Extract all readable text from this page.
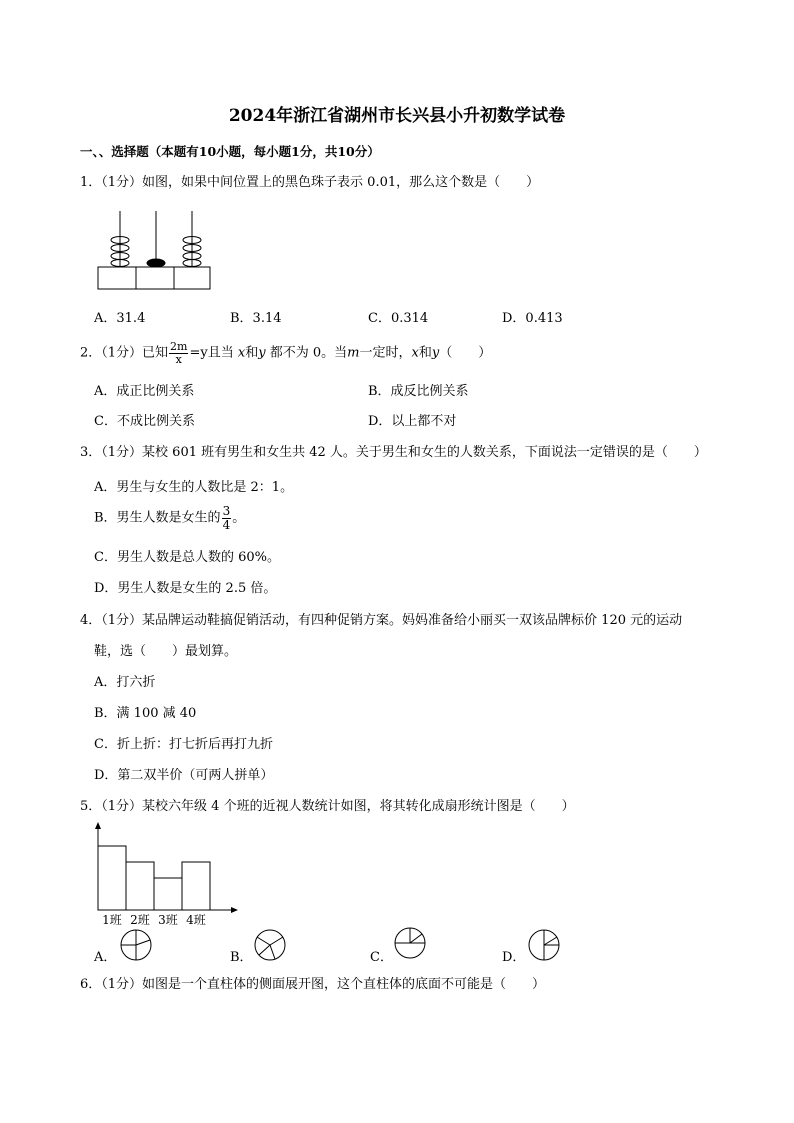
2024年浙江省湖州市长兴县小升初数学试卷
一、、选择题（本题有10小题，每小题1分，共10分）
1．（1分）如图，如果中间位置上的黑色珠子表示 0.01，那么这个数是（　　）
A．31.4	B．3.14	C．0.314	D．0.413
2．（1分）已知 $\frac{2m}{x} =y$且当 x和y 都不为 0。当m一定时，x和y（　　）
A．成正比例关系	B．成反比例关系
C．不成比例关系	D．以上都不对
3．（1分）某校 601 班有男生和女生共 42 人。关于男生和女生的人数关系，下面说法一定错误的是（　　）
A．男生与女生的人数比是 2：1。
B．男生人数是女生的 $\frac{3}{4}$ 。
C．男生人数是总人数的 60%。
D．男生人数是女生的 2.5 倍。
4．（1分）某品牌运动鞋搞促销活动，有四种促销方案。妈妈准备给小丽买一双该品牌标价 120 元的运动
鞋，选（　　）最划算。
A．打六折
B．满 100 减 40
C．折上折：打七折后再打九折
D．第二双半价（可两人拼单）
5．（1分）某校六年级 4 个班的近视人数统计如图，将其转化成扇形统计图是（　　）
1班 2班 3班 4班
A．	B．	C．	D．
6．（1分）如图是一个直柱体的侧面展开图，这个直柱体的底面不可能是（　　）
